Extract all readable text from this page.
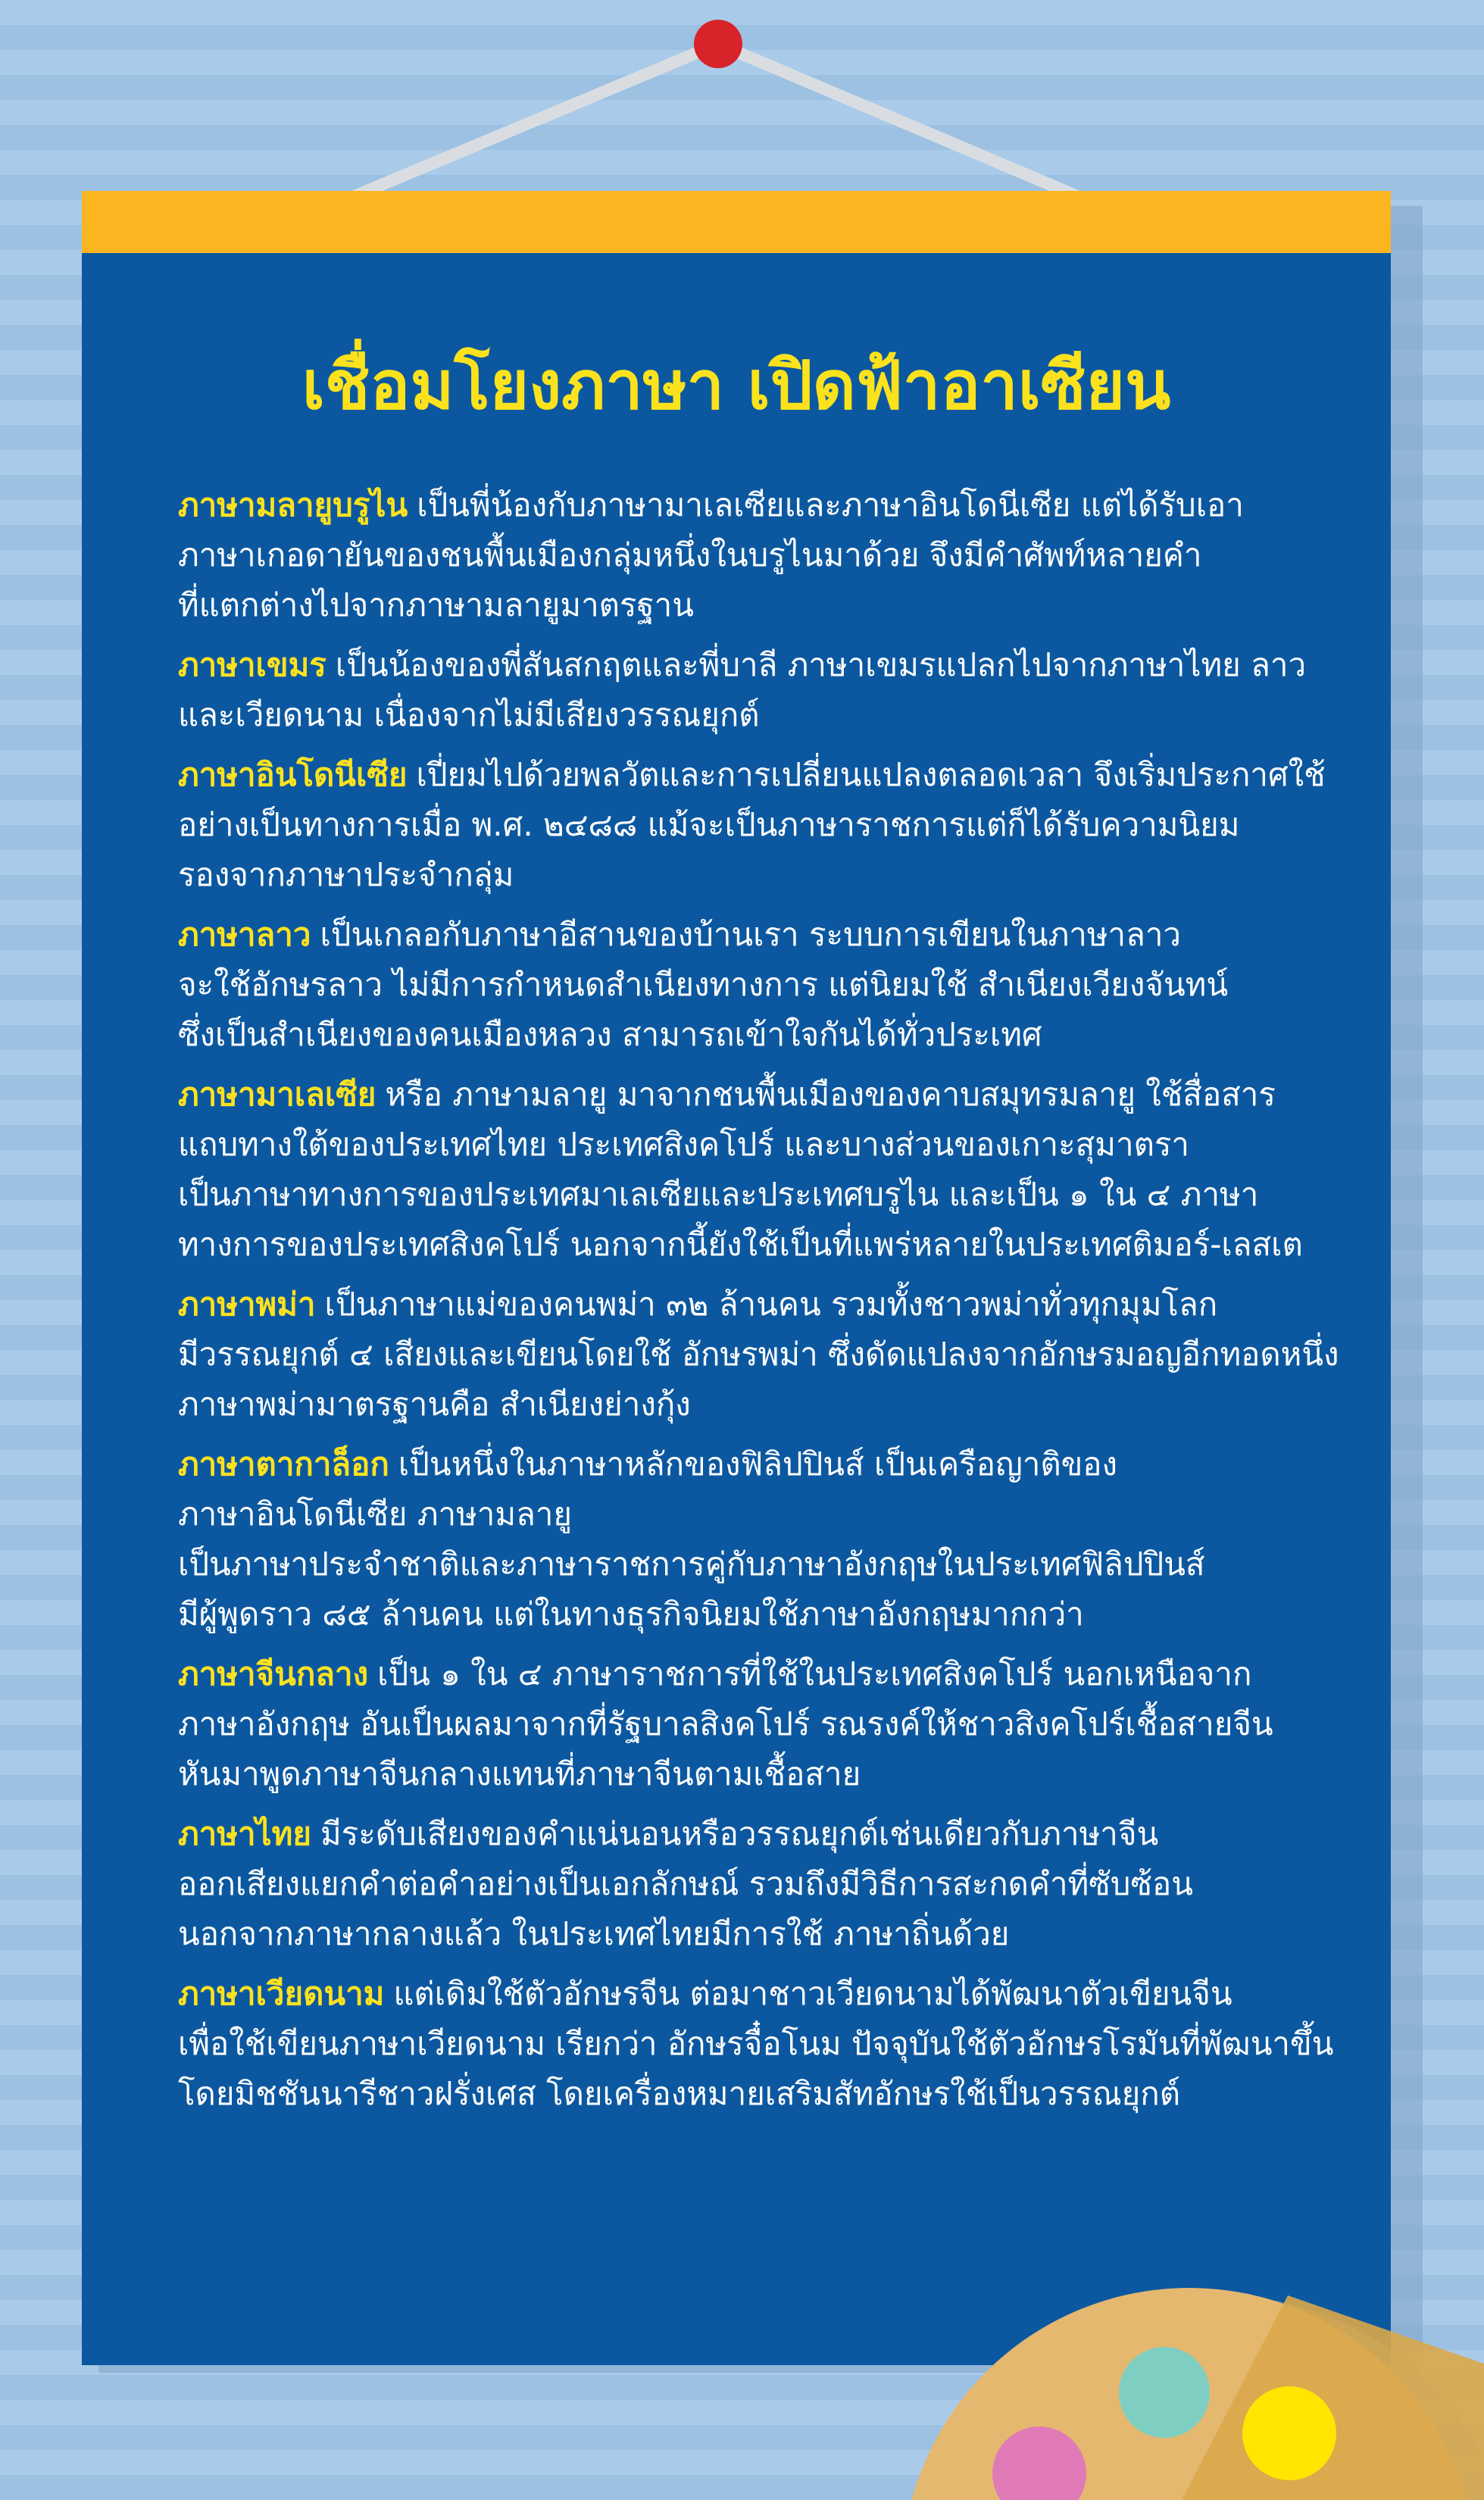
เชื่อมโยงภาษา เปิดฟ้าอาเซียน
ภาษามลายูบรูไน เป็นพี่น้องกับภาษามาเลเซียและภาษาอินโดนีเซีย แต่ได้รับเอา
ภาษาเกอดายันของชนพื้นเมืองกลุ่มหนึ่งในบรูไนมาด้วย จึงมีคำศัพท์หลายคำ
ที่แตกต่างไปจากภาษามลายูมาตรฐาน
ภาษาเขมร เป็นน้องของพี่สันสกฤตและพี่บาลี ภาษาเขมรแปลกไปจากภาษาไทย ลาว
และเวียดนาม เนื่องจากไม่มีเสียงวรรณยุกต์
ภาษาอินโดนีเซีย เปี่ยมไปด้วยพลวัตและการเปลี่ยนแปลงตลอดเวลา จึงเริ่มประกาศใช้
อย่างเป็นทางการเมื่อ พ.ศ. ๒๔๘๘ แม้จะเป็นภาษาราชการแต่ก็ได้รับความนิยม
รองจากภาษาประจำกลุ่ม
ภาษาลาว เป็นเกลอกับภาษาอีสานของบ้านเรา ระบบการเขียนในภาษาลาว
จะใช้อักษรลาว ไม่มีการกำหนดสำเนียงทางการ แต่นิยมใช้ สำเนียงเวียงจันทน์
ซึ่งเป็นสำเนียงของคนเมืองหลวง สามารถเข้าใจกันได้ทั่วประเทศ
ภาษามาเลเซีย หรือ ภาษามลายู มาจากชนพื้นเมืองของคาบสมุทรมลายู ใช้สื่อสาร
แถบทางใต้ของประเทศไทย ประเทศสิงคโปร์ และบางส่วนของเกาะสุมาตรา
เป็นภาษาทางการของประเทศมาเลเซียและประเทศบรูไน และเป็น ๑ ใน ๔ ภาษา
ทางการของประเทศสิงคโปร์ นอกจากนี้ยังใช้เป็นที่แพร่หลายในประเทศติมอร์-เลสเต
ภาษาพม่า เป็นภาษาแม่ของคนพม่า ๓๒ ล้านคน รวมทั้งชาวพม่าทั่วทุกมุมโลก
มีวรรณยุกต์ ๔ เสียงและเขียนโดยใช้ อักษรพม่า ซึ่งดัดแปลงจากอักษรมอญอีกทอดหนึ่ง
ภาษาพม่ามาตรฐานคือ สำเนียงย่างกุ้ง
ภาษาตากาล็อก เป็นหนึ่งในภาษาหลักของฟิลิปปินส์ เป็นเครือญาติของ
ภาษาอินโดนีเซีย ภาษามลายู
เป็นภาษาประจำชาติและภาษาราชการคู่กับภาษาอังกฤษในประเทศฟิลิปปินส์
มีผู้พูดราว ๘๕ ล้านคน แต่ในทางธุรกิจนิยมใช้ภาษาอังกฤษมากกว่า
ภาษาจีนกลาง เป็น ๑ ใน ๔ ภาษาราชการที่ใช้ในประเทศสิงคโปร์ นอกเหนือจาก
ภาษาอังกฤษ อันเป็นผลมาจากที่รัฐบาลสิงคโปร์ รณรงค์ให้ชาวสิงคโปร์เชื้อสายจีน
หันมาพูดภาษาจีนกลางแทนที่ภาษาจีนตามเชื้อสาย
ภาษาไทย มีระดับเสียงของคำแน่นอนหรือวรรณยุกต์เช่นเดียวกับภาษาจีน
ออกเสียงแยกคำต่อคำอย่างเป็นเอกลักษณ์ รวมถึงมีวิธีการสะกดคำที่ซับซ้อน
นอกจากภาษากลางแล้ว ในประเทศไทยมีการใช้ ภาษาถิ่นด้วย
ภาษาเวียดนาม แต่เดิมใช้ตัวอักษรจีน ต่อมาชาวเวียดนามได้พัฒนาตัวเขียนจีน
เพื่อใช้เขียนภาษาเวียดนาม เรียกว่า อักษรจื๋อโนม ปัจจุบันใช้ตัวอักษรโรมันที่พัฒนาขึ้น
โดยมิชชันนารีชาวฝรั่งเศส โดยเครื่องหมายเสริมสัทอักษรใช้เป็นวรรณยุกต์
